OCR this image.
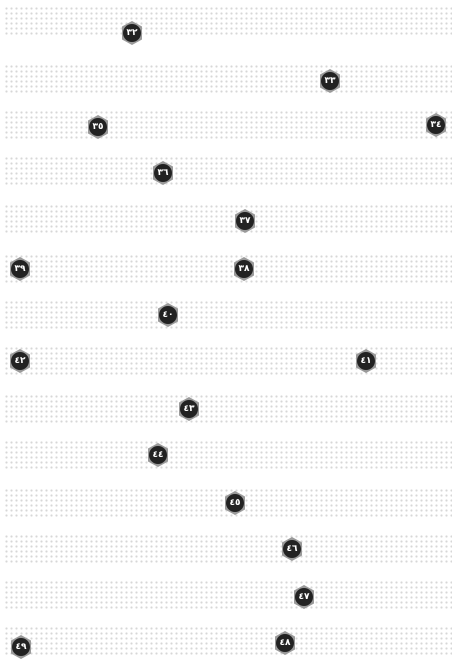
٣٢
٣٣
٣٤
٣٥
٣٦
٣٧
٣٨
٣٩
٤٠
٤١
٤٢
٤٣
٤٤
٤٥
٤٦
٤٧
٤٨
٤٩
